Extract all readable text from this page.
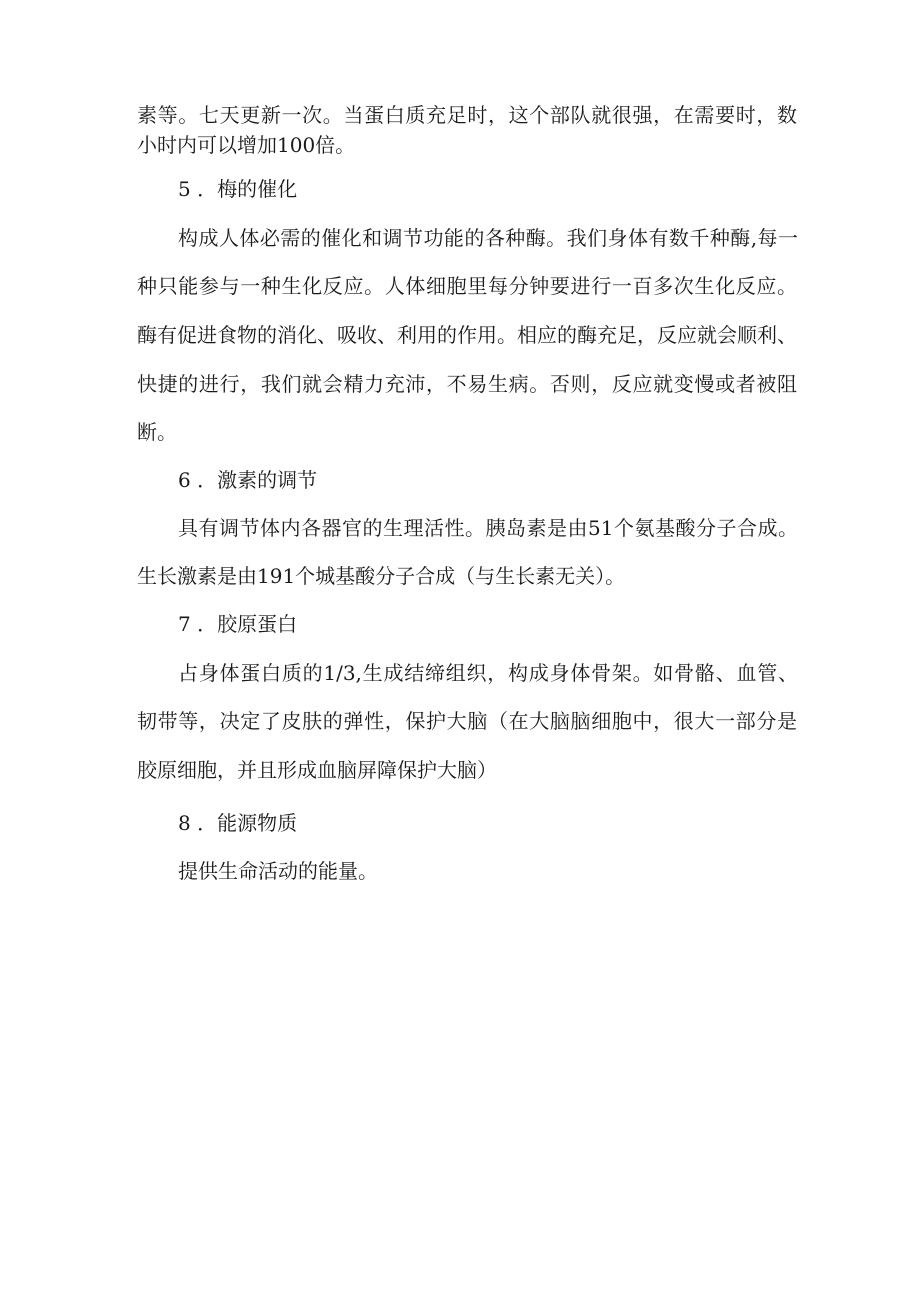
素等。七天更新一次。当蛋白质充足时，这个部队就很强，在需要时，数
小时内可以增加100倍。
5 ．梅的催化
构成人体必需的催化和调节功能的各种酶。我们身体有数千种酶,每一
种只能参与一种生化反应。人体细胞里每分钟要进行一百多次生化反应。
酶有促进食物的消化、吸收、利用的作用。相应的酶充足，反应就会顺利、
快捷的进行，我们就会精力充沛，不易生病。否则，反应就变慢或者被阻
断。
6 ．激素的调节
具有调节体内各器官的生理活性。胰岛素是由51个氨基酸分子合成。
生长激素是由191个城基酸分子合成（与生长素无关）。
7 ．胶原蛋白
占身体蛋白质的1/3,生成结缔组织，构成身体骨架。如骨骼、血管、
韧带等，决定了皮肤的弹性，保护大脑（在大脑脑细胞中，很大一部分是
胶原细胞，并且形成血脑屏障保护大脑）
8 ．能源物质
提供生命活动的能量。
